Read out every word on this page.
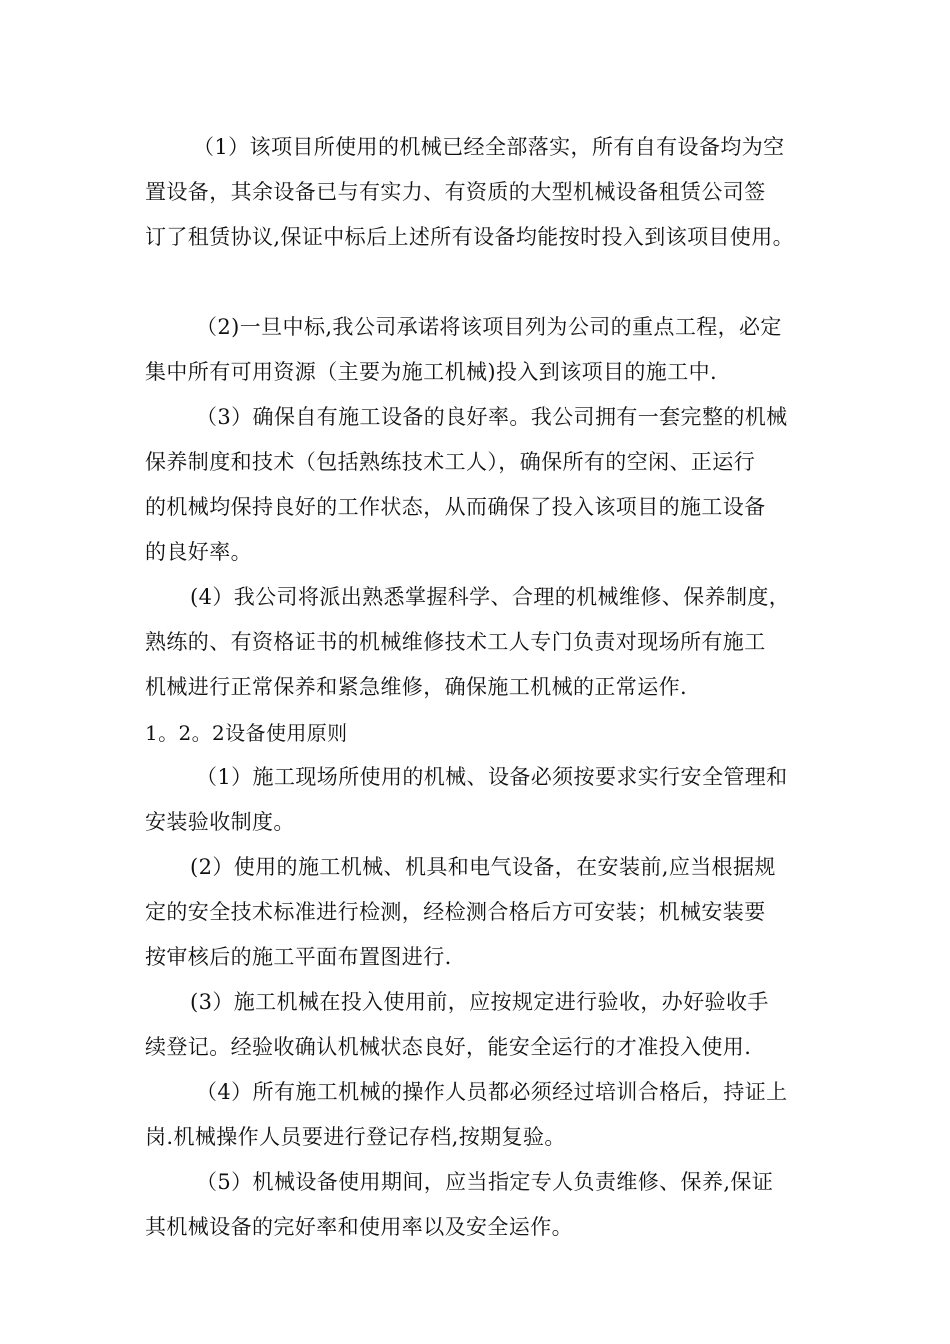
（1）该项目所使用的机械已经全部落实，所有自有设备均为空
置设备，其余设备已与有实力、有资质的大型机械设备租赁公司签
订了租赁协议,保证中标后上述所有设备均能按时投入到该项目使用。
（2)一旦中标,我公司承诺将该项目列为公司的重点工程，必定
集中所有可用资源（主要为施工机械)投入到该项目的施工中.
（3）确保自有施工设备的良好率。我公司拥有一套完整的机械
保养制度和技术（包括熟练技术工人），确保所有的空闲、正运行
的机械均保持良好的工作状态，从而确保了投入该项目的施工设备
的良好率。
(4）我公司将派出熟悉掌握科学、合理的机械维修、保养制度，
熟练的、有资格证书的机械维修技术工人专门负责对现场所有施工
机械进行正常保养和紧急维修，确保施工机械的正常运作.
1。2。2设备使用原则
（1）施工现场所使用的机械、设备必须按要求实行安全管理和
安装验收制度。
(2）使用的施工机械、机具和电气设备，在安装前,应当根据规
定的安全技术标准进行检测，经检测合格后方可安装；机械安装要
按审核后的施工平面布置图进行.
(3）施工机械在投入使用前，应按规定进行验收，办好验收手
续登记。经验收确认机械状态良好，能安全运行的才准投入使用.
（4）所有施工机械的操作人员都必须经过培训合格后，持证上
岗.机械操作人员要进行登记存档,按期复验。
（5）机械设备使用期间，应当指定专人负责维修、保养,保证
其机械设备的完好率和使用率以及安全运作。
